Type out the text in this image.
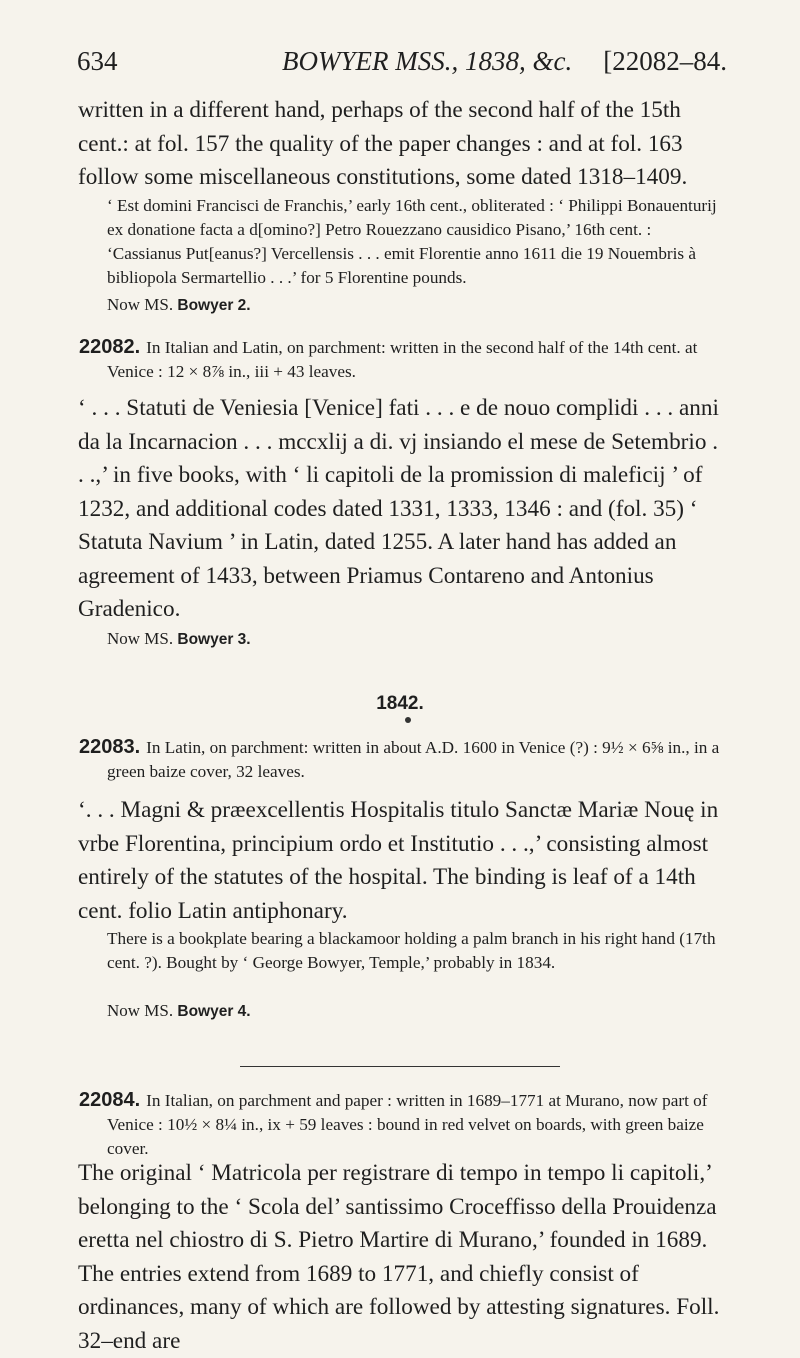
634	BOWYER MSS., 1838, &c. [22082–84.
written in a different hand, perhaps of the second half of the 15th cent.: at fol. 157 the quality of the paper changes : and at fol. 163 follow some miscellaneous constitutions, some dated 1318–1409.
‘ Est domini Francisci de Franchis,’ early 16th cent., obliterated : ‘ Philippi Bonauenturij ex donatione facta a d[omino?] Petro Rouezzano causidico Pisano,’ 16th cent. : ‘Cassianus Put[eanus?] Vercellensis . . . emit Florentie anno 1611 die 19 Nouembris à bibliopola Sermartellio . . .’ for 5 Florentine pounds.
Now MS. Bowyer 2.
22082. In Italian and Latin, on parchment: written in the second half of the 14th cent. at Venice : 12 × 8⅞ in., iii + 43 leaves.
‘ . . . Statuti de Veniesia [Venice] fati . . . e de nouo complidi . . . anni da la Incarnacion . . . mccxlij a di. vj insiando el mese de Setembrio . . .,’ in five books, with ‘ li capitoli de la promission di maleficij ’ of 1232, and additional codes dated 1331, 1333, 1346 : and (fol. 35) ‘ Statuta Navium ’ in Latin, dated 1255. A later hand has added an agreement of 1433, between Priamus Contareno and Antonius Gradenico.
Now MS. Bowyer 3.
1842.
22083. In Latin, on parchment: written in about A.D. 1600 in Venice (?) : 9½ × 6⅝ in., in a green baize cover, 32 leaves.
‘. . . Magni & præexcellentis Hospitalis titulo Sanctæ Mariæ Nouę in vrbe Florentina, principium ordo et Institutio . . .,’ consisting almost entirely of the statutes of the hospital. The binding is leaf of a 14th cent. folio Latin antiphonary.
There is a bookplate bearing a blackamoor holding a palm branch in his right hand (17th cent. ?). Bought by ‘ George Bowyer, Temple,’ probably in 1834.
Now MS. Bowyer 4.
22084. In Italian, on parchment and paper : written in 1689–1771 at Murano, now part of Venice : 10½ × 8¼ in., ix + 59 leaves : bound in red velvet on boards, with green baize cover.
The original ‘ Matricola per registrare di tempo in tempo li capitoli,’ belonging to the ‘ Scola del’ santissimo Croceffisso della Prouidenza eretta nel chiostro di S. Pietro Martire di Murano,’ founded in 1689. The entries extend from 1689 to 1771, and chiefly consist of ordinances, many of which are followed by attesting signatures. Foll. 32–end are
